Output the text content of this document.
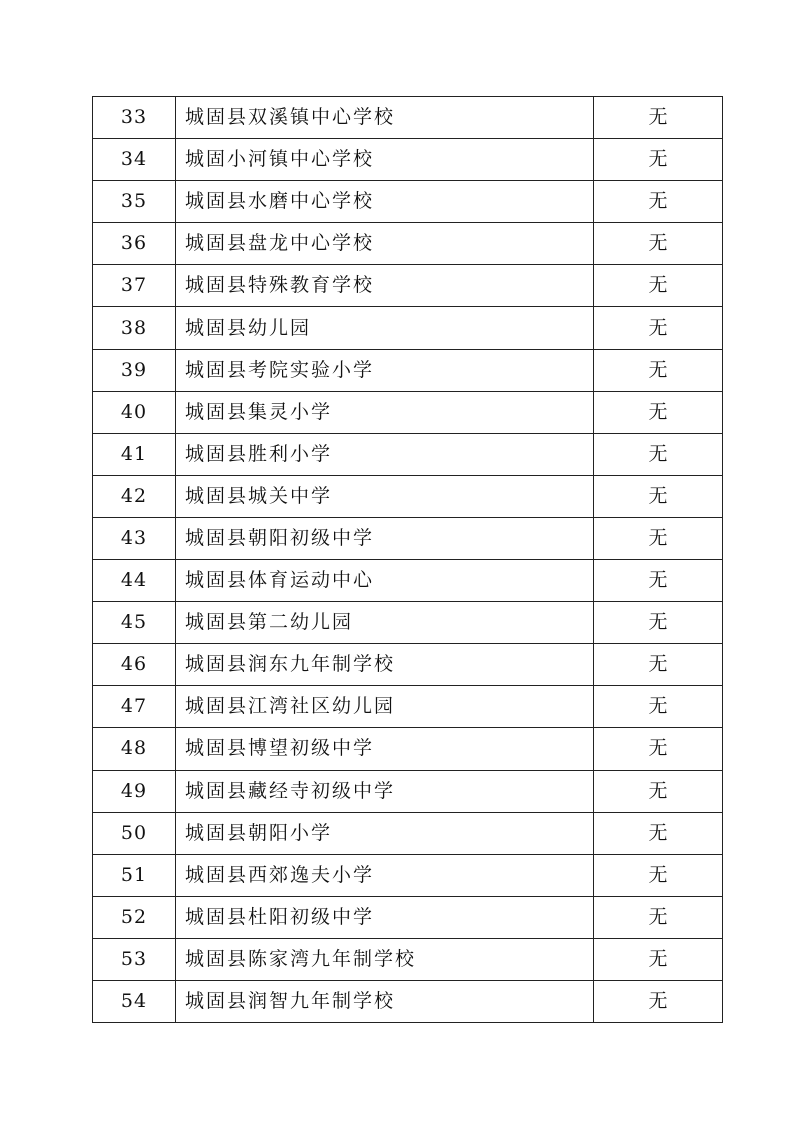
33	城固县双溪镇中心学校	无
34	城固小河镇中心学校	无
35	城固县水磨中心学校	无
36	城固县盘龙中心学校	无
37	城固县特殊教育学校	无
38	城固县幼儿园	无
39	城固县考院实验小学	无
40	城固县集灵小学	无
41	城固县胜利小学	无
42	城固县城关中学	无
43	城固县朝阳初级中学	无
44	城固县体育运动中心	无
45	城固县第二幼儿园	无
46	城固县润东九年制学校	无
47	城固县江湾社区幼儿园	无
48	城固县博望初级中学	无
49	城固县藏经寺初级中学	无
50	城固县朝阳小学	无
51	城固县西郊逸夫小学	无
52	城固县杜阳初级中学	无
53	城固县陈家湾九年制学校	无
54	城固县润智九年制学校	无
